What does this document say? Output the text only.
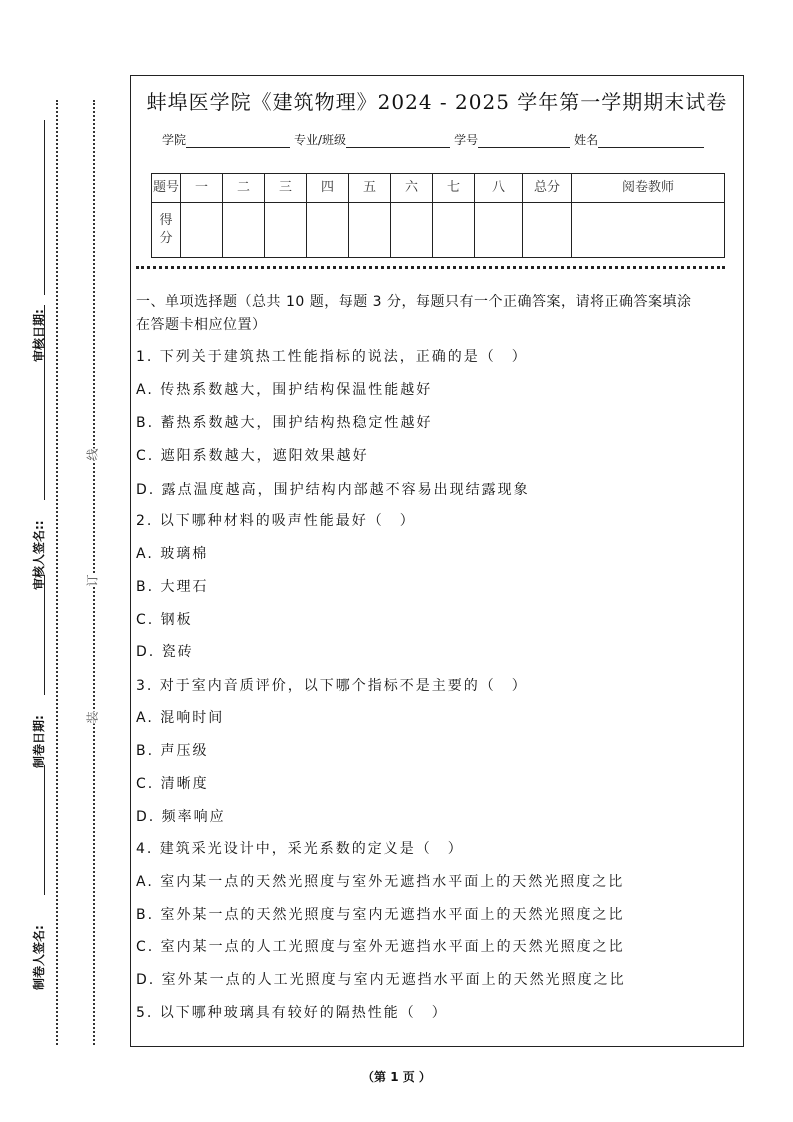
审核日期:
审核人签名::
制卷日期:
制卷人签名:
线
订
装
蚌埠医学院《建筑物理》2024 - 2025 学年第一学期期末试卷
学院	专业/班级	学号	姓名
题号	一	二	三	四	五	六	七	八	总分	阅卷教师
得分										
一、单项选择题（总共 10 题，每题 3 分，每题只有一个正确答案，请将正确答案填涂
在答题卡相应位置）
1. 下列关于建筑热工性能指标的说法，正确的是（　）
A. 传热系数越大，围护结构保温性能越好
B. 蓄热系数越大，围护结构热稳定性越好
C. 遮阳系数越大，遮阳效果越好
D. 露点温度越高，围护结构内部越不容易出现结露现象
2. 以下哪种材料的吸声性能最好（　）
A. 玻璃棉
B. 大理石
C. 钢板
D. 瓷砖
3. 对于室内音质评价，以下哪个指标不是主要的（　）
A. 混响时间
B. 声压级
C. 清晰度
D. 频率响应
4. 建筑采光设计中，采光系数的定义是（　）
A. 室内某一点的天然光照度与室外无遮挡水平面上的天然光照度之比
B. 室外某一点的天然光照度与室内无遮挡水平面上的天然光照度之比
C. 室内某一点的人工光照度与室外无遮挡水平面上的天然光照度之比
D. 室外某一点的人工光照度与室内无遮挡水平面上的天然光照度之比
5. 以下哪种玻璃具有较好的隔热性能（　）
（第 1 页 ）
